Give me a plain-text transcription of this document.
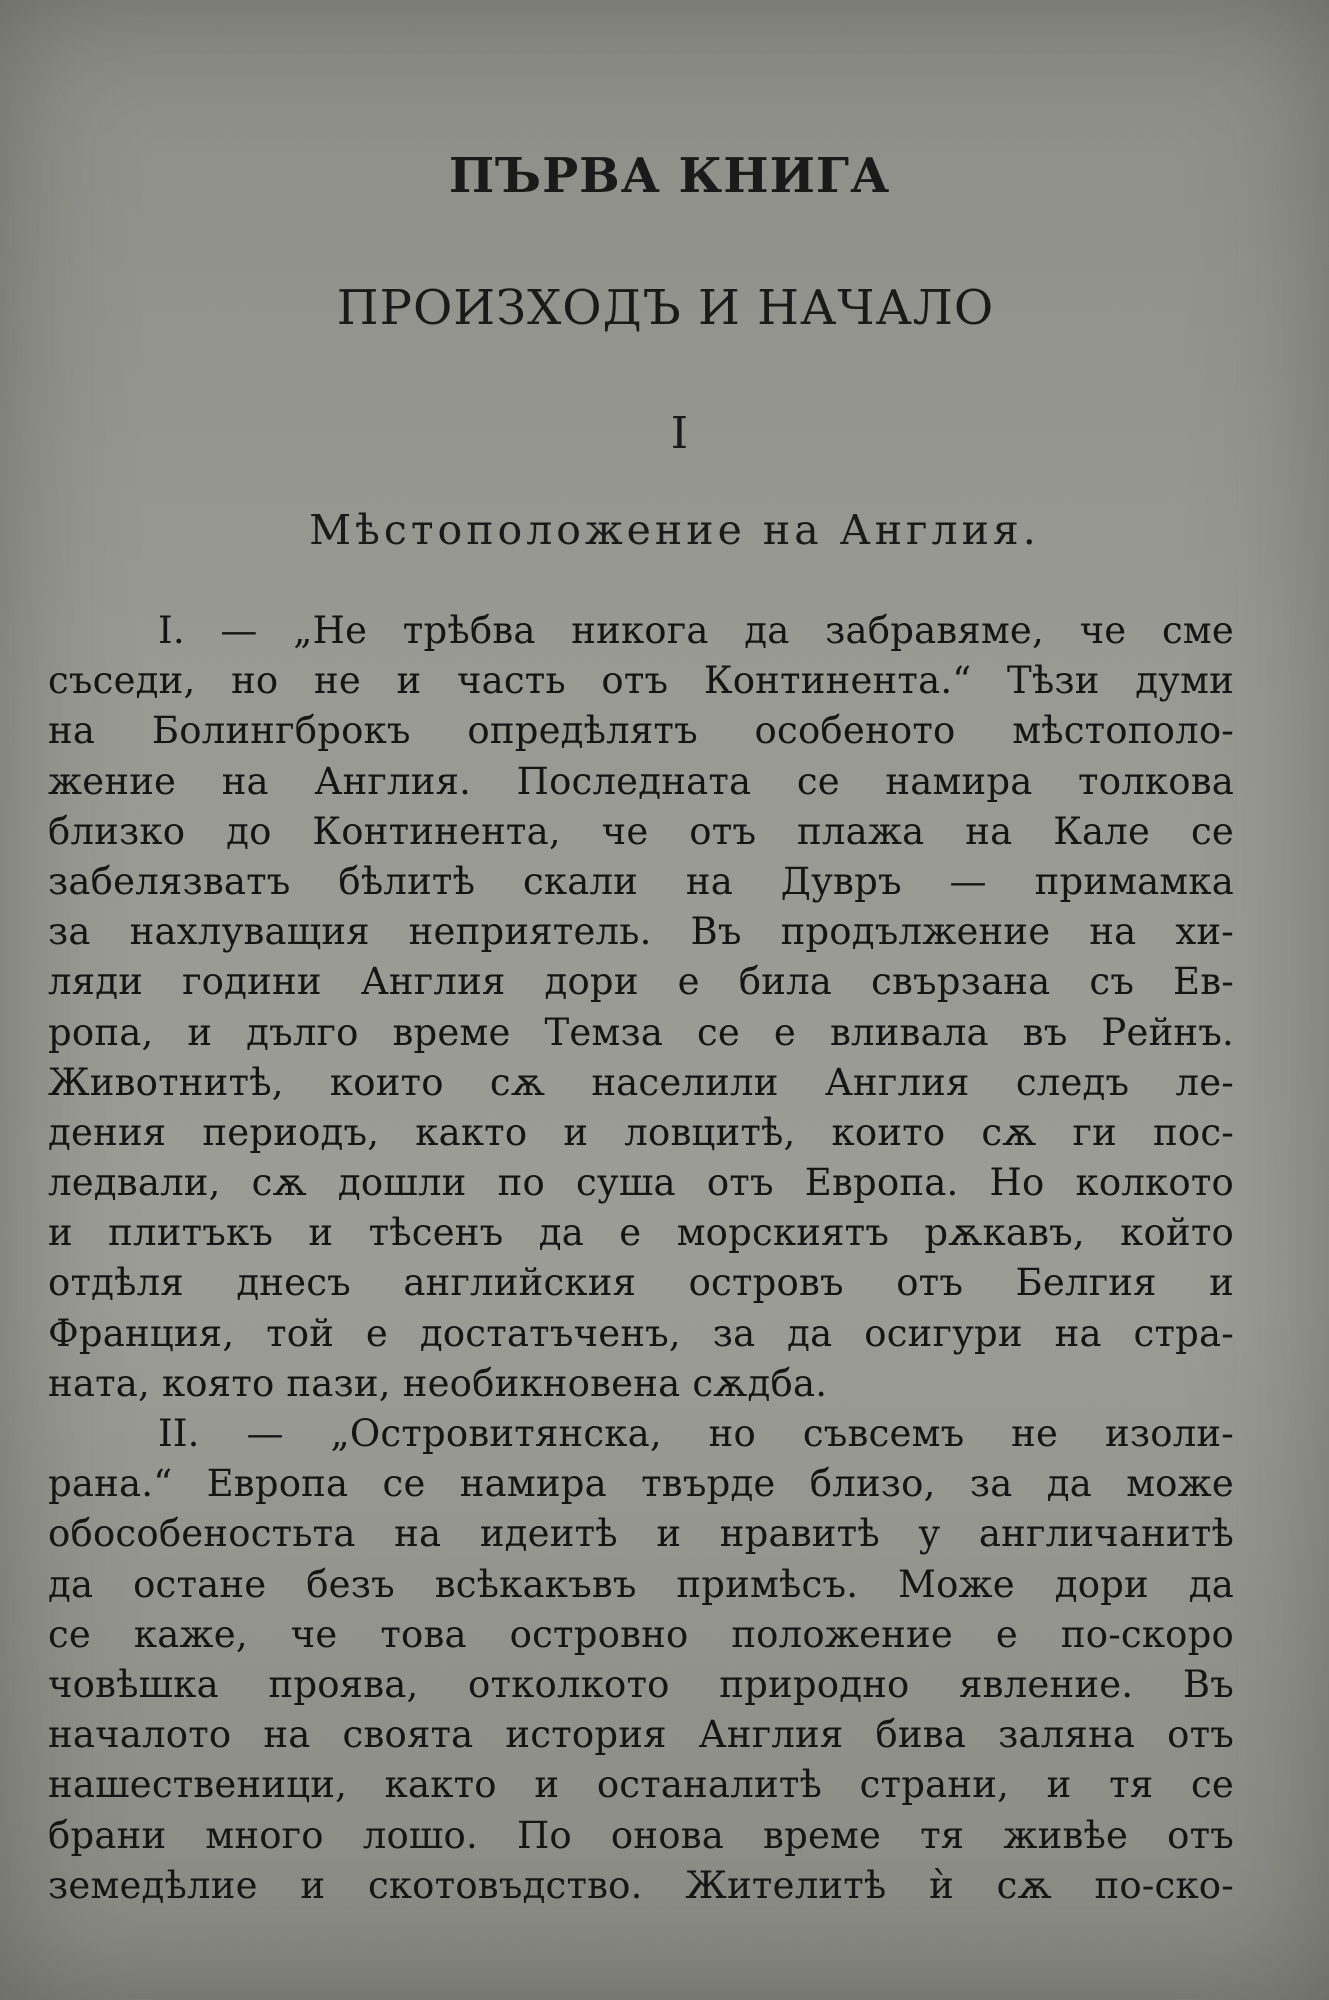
ПЪРВА КНИГА
ПРОИЗХОДЪ И НАЧАЛО
I
Мѣстоположение на Англия.
I. — „Не трѣбва никога да забравяме, че сме
съседи, но не и часть отъ Континента.“ Тѣзи думи
на Болингброкъ опредѣлятъ особеното мѣстополо-
жение на Англия. Последната се намира толкова
близко до Континента, че отъ плажа на Кале се
забелязватъ бѣлитѣ скали на Дувръ — примамка
за нахлуващия неприятель. Въ продължение на хи-
ляди години Англия дори е била свързана съ Ев-
ропа, и дълго време Темза се е вливала въ Рейнъ.
Животнитѣ, които сѫ населили Англия следъ ле-
дения периодъ, както и ловцитѣ, които сѫ ги пос-
ледвали, сѫ дошли по суша отъ Европа. Но колкото
и плитъкъ и тѣсенъ да е морскиятъ рѫкавъ, който
отдѣля днесъ английския островъ отъ Белгия и
Франция, той е достатъченъ, за да осигури на стра-
ната, която пази, необикновена сѫдба.
II. — „Островитянска, но съвсемъ не изоли-
рана.“ Европа се намира твърде близо, за да може
обособеностьта на идеитѣ и нравитѣ у англичанитѣ
да остане безъ всѣкакъвъ примѣсъ. Може дори да
се каже, че това островно положение е по-скоро
човѣшка проява, отколкото природно явление. Въ
началото на своята история Англия бива заляна отъ
нашественици, както и останалитѣ страни, и тя се
брани много лошо. По онова време тя живѣе отъ
земедѣлие и скотовъдство. Жителитѣ ѝ сѫ по-ско-
